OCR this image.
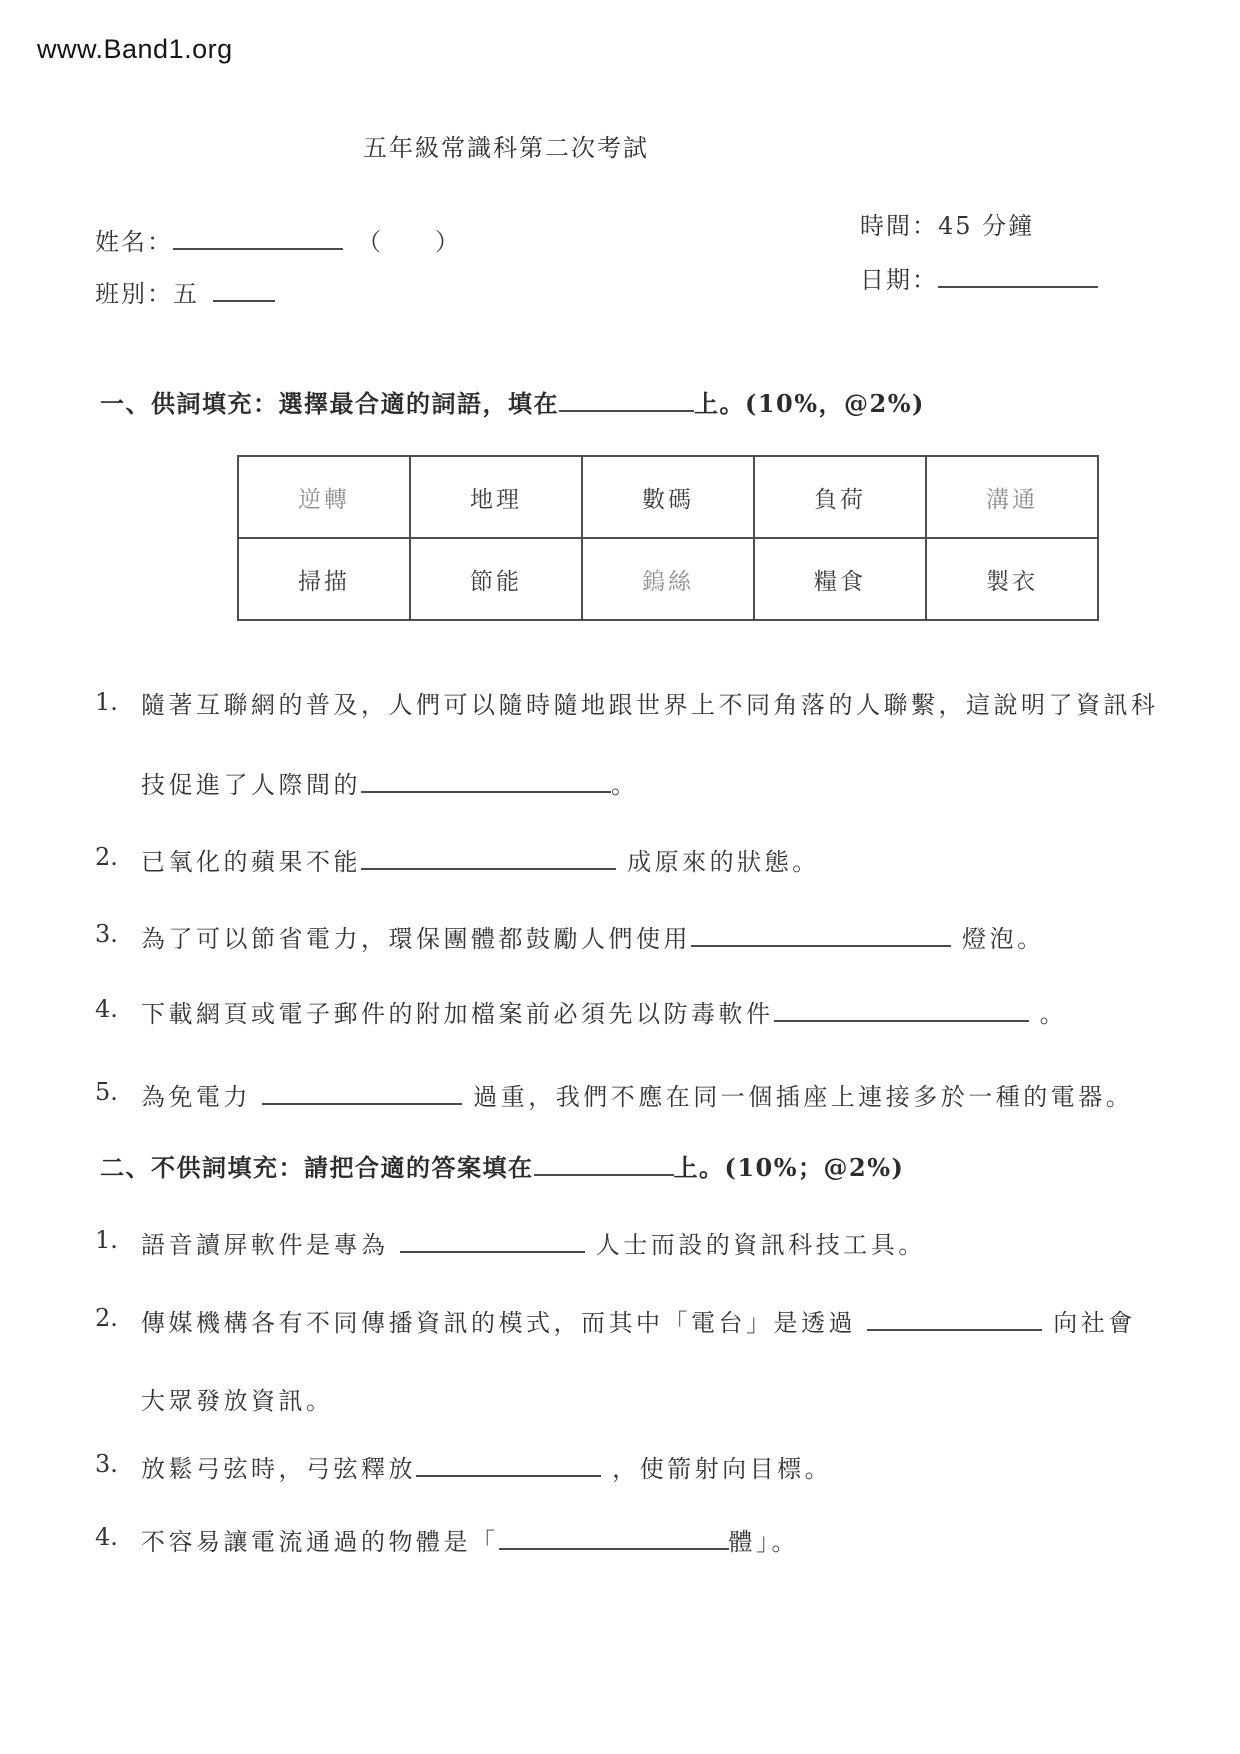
www.Band1.org
五年級常識科第二次考試
姓名：	（　　）
班別：五
時間：45 分鐘
日期：
一、供詞填充：選擇最合適的詞語，填在	上。(10%，@2%)
逆轉	地理	數碼	負荷	溝通
掃描	節能	鎢絲	糧食	製衣
1. 隨著互聯網的普及，人們可以隨時隨地跟世界上不同角落的人聯繫，這說明了資訊科
技促進了人際間的	。
2. 已氧化的蘋果不能	成原來的狀態。
3. 為了可以節省電力，環保團體都鼓勵人們使用	燈泡。
4. 下載網頁或電子郵件的附加檔案前必須先以防毒軟件	。
5. 為免電力	過重，我們不應在同一個插座上連接多於一種的電器。
二、不供詞填充：請把合適的答案填在	上。(10%；@2%)
1. 語音讀屏軟件是專為	人士而設的資訊科技工具。
2. 傳媒機構各有不同傳播資訊的模式，而其中「電台」是透過	向社會
大眾發放資訊。
3. 放鬆弓弦時，弓弦釋放	，使箭射向目標。
4. 不容易讓電流通過的物體是「	體」。
